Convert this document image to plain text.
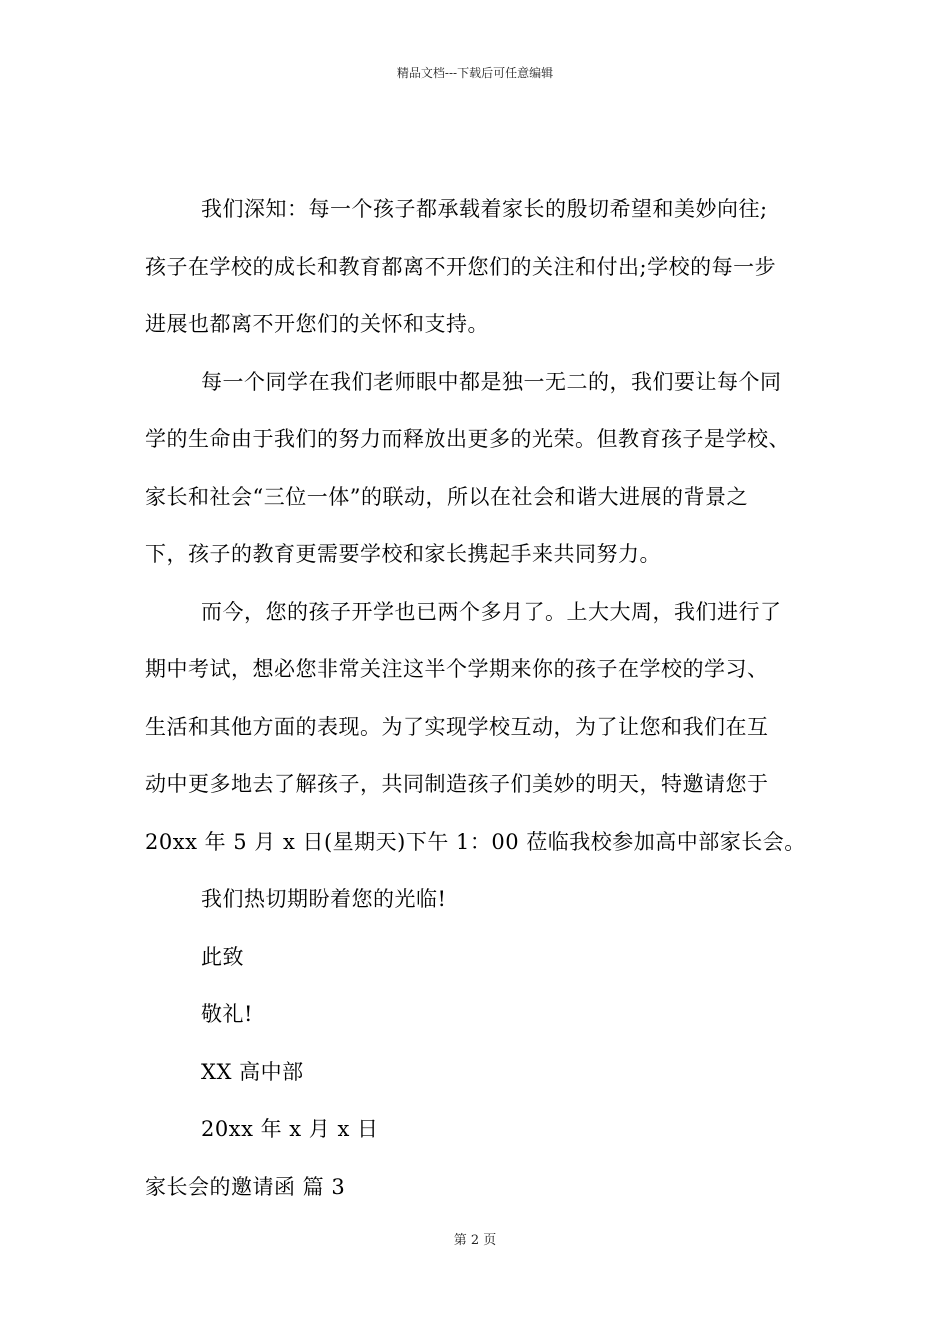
精品文档---下载后可任意编辑
我们深知：每一个孩子都承载着家长的殷切希望和美妙向往;
孩子在学校的成长和教育都离不开您们的关注和付出;学校的每一步
进展也都离不开您们的关怀和支持。
每一个同学在我们老师眼中都是独一无二的，我们要让每个同
学的生命由于我们的努力而释放出更多的光荣。但教育孩子是学校、
家长和社会“三位一体”的联动，所以在社会和谐大进展的背景之
下，孩子的教育更需要学校和家长携起手来共同努力。
而今，您的孩子开学也已两个多月了。上大大周，我们进行了
期中考试，想必您非常关注这半个学期来你的孩子在学校的学习、
生活和其他方面的表现。为了实现学校互动，为了让您和我们在互
动中更多地去了解孩子，共同制造孩子们美妙的明天，特邀请您于
20xx 年 5 月 x 日(星期天)下午 1：00 莅临我校参加高中部家长会。
我们热切期盼着您的光临!
此致
敬礼!
XX 高中部
20xx 年 x 月 x 日
家长会的邀请函 篇 3
第 2 页
